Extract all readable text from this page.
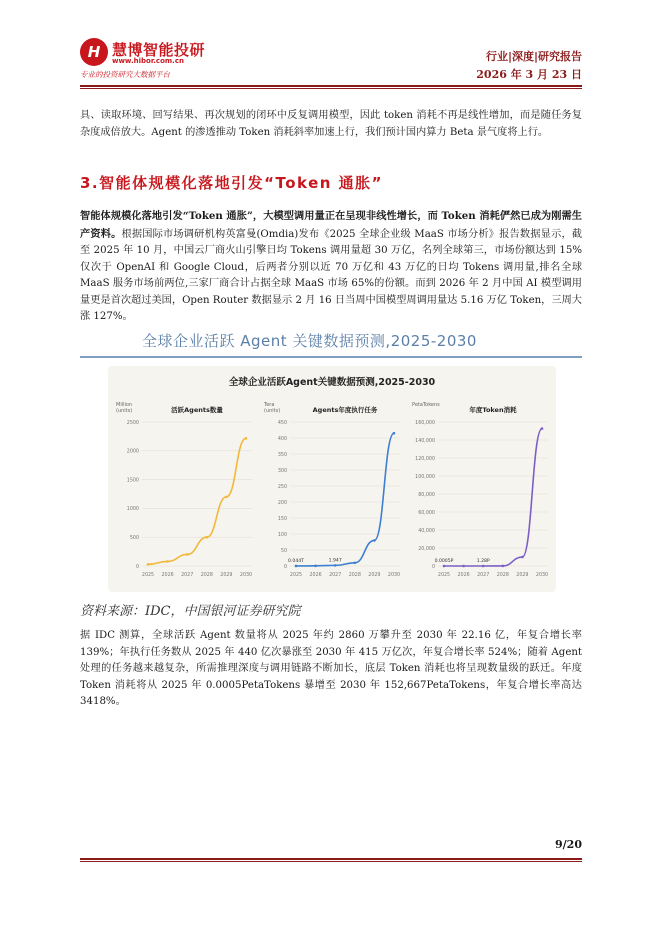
H 慧博智能投研
www.hibor.com.cn
专业的投资研究大数据平台
行业|深度|研究报告
2026 年 3 月 23 日
具、读取环境、回写结果、再次规划的闭环中反复调用模型，因此 token 消耗不再是线性增加，而是随任务复杂度成倍放大。Agent 的渗透推动 Token 消耗斜率加速上行，我们预计国内算力 Beta 景气度将上行。
3.智能体规模化落地引发“Token 通胀”
智能体规模化落地引发“Token 通胀”，大模型调用量正在呈现非线性增长，而 Token 消耗俨然已成为刚需生产资料。根据国际市场调研机构英富曼(Omdia)发布《2025 全球企业级 MaaS 市场分析》报告数据显示，截至 2025 年 10 月，中国云厂商火山引擎日均 Tokens 调用量超 30 万亿，名列全球第三，市场份额达到 15%仅次于 OpenAI 和 Google Cloud，后两者分别以近 70 万亿和 43 万亿的日均 Tokens 调用量,排名全球 MaaS 服务市场前两位,三家厂商合计占据全球 MaaS 市场 65%的份额。而到 2026 年 2 月中国 AI 模型调用量更是首次超过美国，Open Router 数据显示 2 月 16 日当周中国模型周调用量达 5.16 万亿 Token，三周大涨 127%。
全球企业活跃 Agent 关键数据预测,2025-2030
全球企业活跃Agent关键数据预测,2025-2030
Million
(units)	活跃Agents数量
0
500
1000
1500
2000
2500
2025 2026 2027 2028 2029 2030
Tera
(units)	Agents年度执行任务
0
50
100
150
200
250
300
350
400
450
2025 2026 2027 2028 2029 2030
0.044T	1.947
PetaTokens
年度Token消耗
0
20,000
40,000
60,000
80,000
100,000
120,000
140,000
160,000
2025 2026 2027 2028 2029 2030
0.0005P	1.28P
资料来源：IDC，中国银河证券研究院
据 IDC 测算，全球活跃 Agent 数量将从 2025 年约 2860 万攀升至 2030 年 22.16 亿，年复合增长率 139%；年执行任务数从 2025 年 440 亿次暴涨至 2030 年 415 万亿次，年复合增长率 524%；随着 Agent 处理的任务越来越复杂，所需推理深度与调用链路不断加长，底层 Token 消耗也将呈现数量级的跃迁。年度 Token 消耗将从 2025 年 0.0005PetaTokens 暴增至 2030 年 152,667PetaTokens，年复合增长率高达 3418%。
9/20
